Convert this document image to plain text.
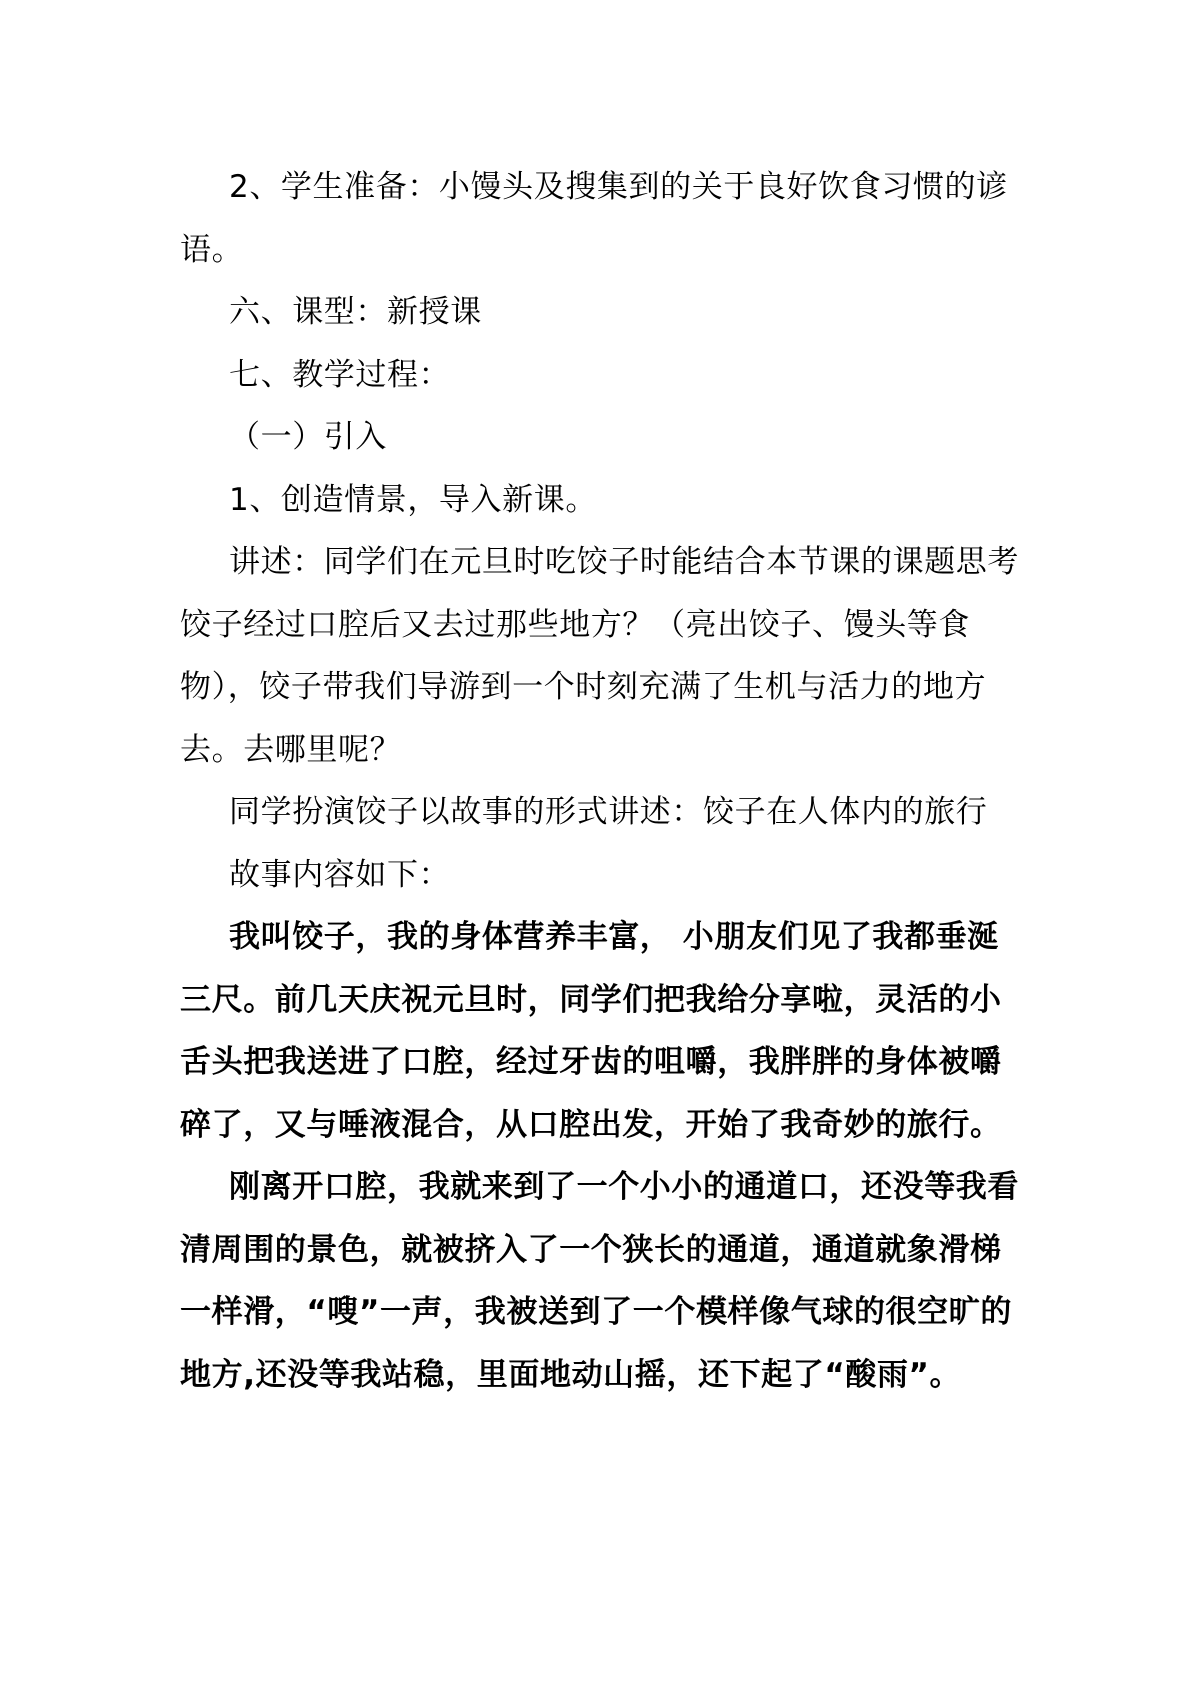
2、学生准备：小馒头及搜集到的关于良好饮食习惯的谚语。

六、课型：新授课

七、教学过程：

（一）引入

1、创造情景，导入新课。

讲述：同学们在元旦时吃饺子时能结合本节课的课题思考饺子经过口腔后又去过那些地方？（亮出饺子、馒头等食物），饺子带我们导游到一个时刻充满了生机与活力的地方去。去哪里呢？

同学扮演饺子以故事的形式讲述：饺子在人体内的旅行

故事内容如下：

我叫饺子，我的身体营养丰富， 小朋友们见了我都垂涎三尺。前几天庆祝元旦时，同学们把我给分享啦，灵活的小舌头把我送进了口腔，经过牙齿的咀嚼，我胖胖的身体被嚼碎了，又与唾液混合，从口腔出发，开始了我奇妙的旅行。

刚离开口腔，我就来到了一个小小的通道口，还没等我看清周围的景色，就被挤入了一个狭长的通道，通道就象滑梯一样滑，“嗖”一声，我被送到了一个模样像气球的很空旷的地方,还没等我站稳，里面地动山摇，还下起了“酸雨”。
